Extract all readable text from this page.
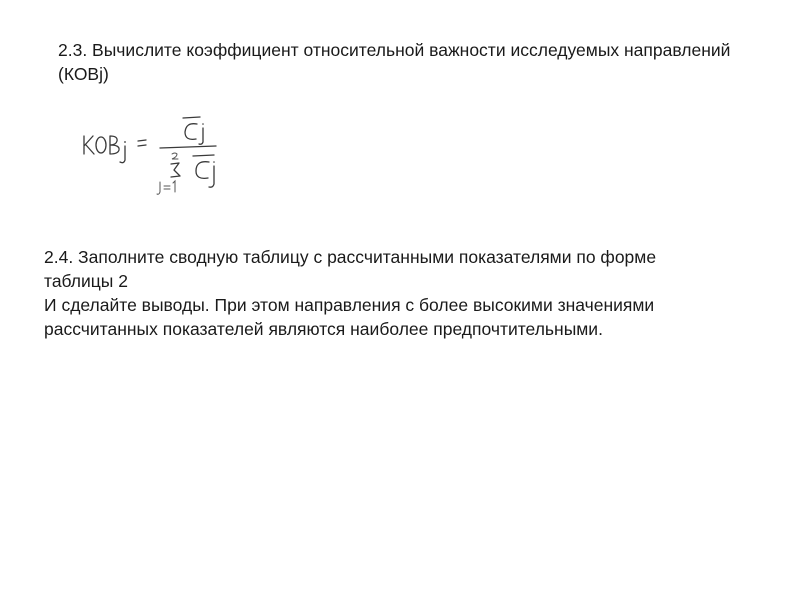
2.3. Вычислите коэффициент относительной важности исследуемых направлений
(КОВj)
2.4. Заполните сводную таблицу с рассчитанными показателями по форме
таблицы 2
И сделайте выводы. При этом направления с более высокими значениями
рассчитанных показателей являются наиболее предпочтительными.
